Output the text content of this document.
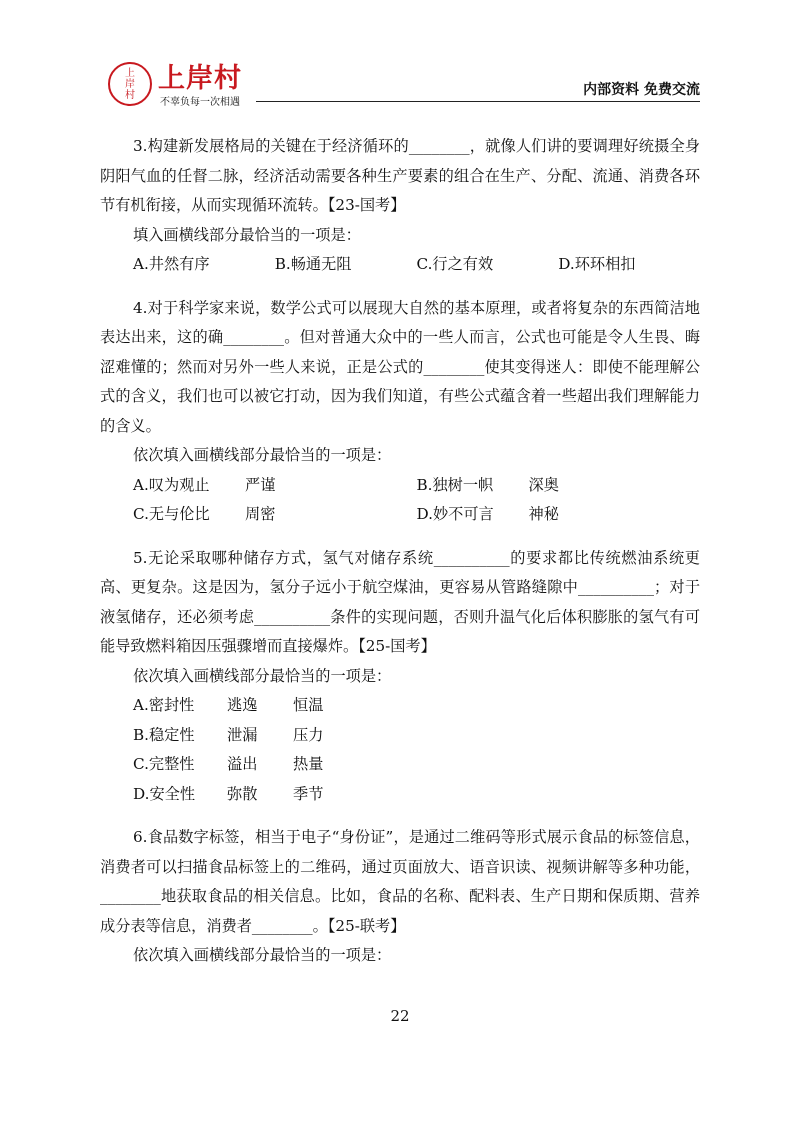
上岸村
上岸村
不辜负每一次相遇
内部资料 免费交流

3.构建新发展格局的关键在于经济循环的________，就像人们讲的要调理好统摄全身阴阳气血的任督二脉，经济活动需要各种生产要素的组合在生产、分配、流通、消费各环节有机衔接，从而实现循环流转。【23-国考】

填入画横线部分最恰当的一项是：

A.井然有序	B.畅通无阻	C.行之有效	D.环环相扣

4.对于科学家来说，数学公式可以展现大自然的基本原理，或者将复杂的东西简洁地表达出来，这的确________。但对普通大众中的一些人而言，公式也可能是令人生畏、晦涩难懂的；然而对另外一些人来说，正是公式的________使其变得迷人：即使不能理解公式的含义，我们也可以被它打动，因为我们知道，有些公式蕴含着一些超出我们理解能力的含义。

依次填入画横线部分最恰当的一项是：

A.叹为观止	严谨	B.独树一帜	深奥
C.无与伦比	周密	D.妙不可言	神秘

5.无论采取哪种储存方式，氢气对储存系统__________的要求都比传统燃油系统更高、更复杂。这是因为，氢分子远小于航空煤油，更容易从管路缝隙中__________；对于液氢储存，还必须考虑__________条件的实现问题，否则升温气化后体积膨胀的氢气有可能导致燃料箱因压强骤增而直接爆炸。【25-国考】

依次填入画横线部分最恰当的一项是：

A.密封性	逃逸	恒温
B.稳定性	泄漏	压力
C.完整性	溢出	热量
D.安全性	弥散	季节

6.食品数字标签，相当于电子“身份证”，是通过二维码等形式展示食品的标签信息，消费者可以扫描食品标签上的二维码，通过页面放大、语音识读、视频讲解等多种功能，________地获取食品的相关信息。比如，食品的名称、配料表、生产日期和保质期、营养成分表等信息，消费者________。【25-联考】

依次填入画横线部分最恰当的一项是：

22
